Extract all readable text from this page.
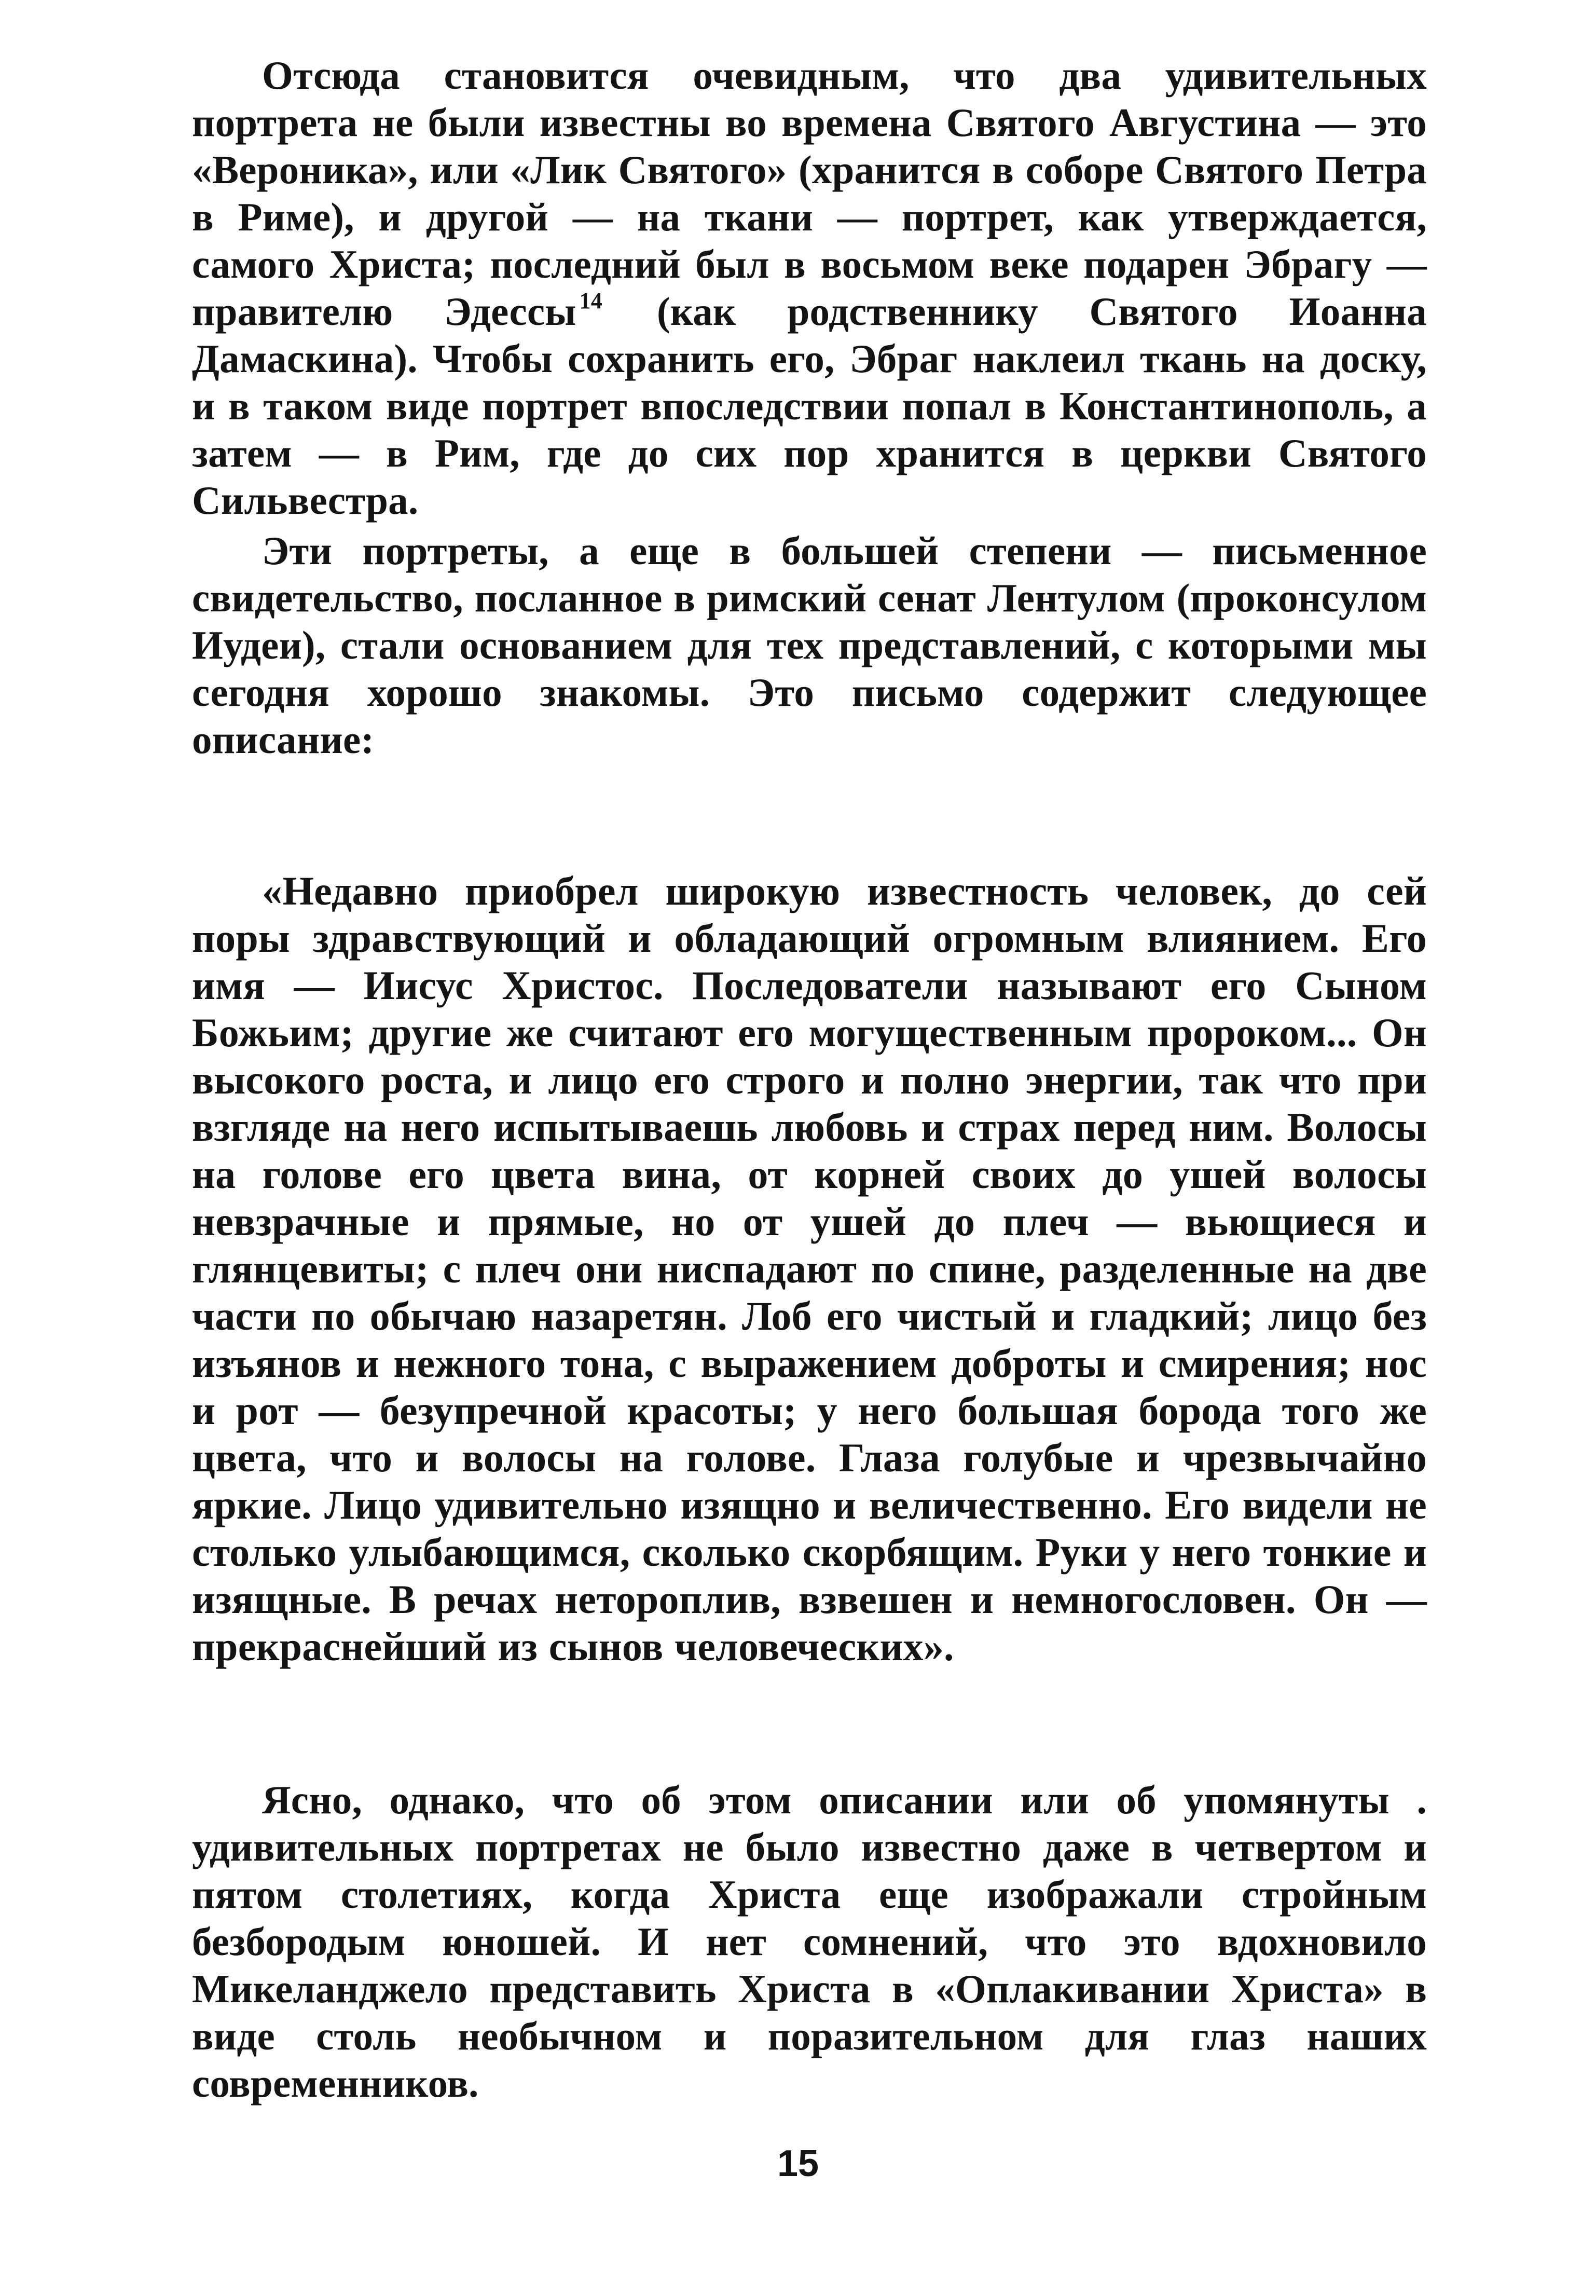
Отсюда становится очевидным, что два удивительных портрета не были известны во времена Святого Августина — это «Вероника», или «Лик Святого» (хранится в соборе Святого Петра в Риме), и другой — на ткани — портрет, как утверждается, самого Христа; последний был в восьмом веке подарен Эбрагу — правителю Эдессы $^{14}$ (как родственнику Святого Иоанна Дамаскина). Чтобы сохранить его, Эбраг наклеил ткань на доску, и в таком виде портрет впоследствии попал в Константинополь, а затем — в Рим, где до сих пор хранится в церкви Святого Сильвестра.

Эти портреты, а еще в большей степени — письменное свидетельство, посланное в римский сенат Лентулом (проконсулом Иудеи), стали основанием для тех представлений, с которыми мы сегодня хорошо знакомы. Это письмо содержит следующее описание:

«Недавно приобрел широкую известность человек, до сей поры здравствующий и обладающий огромным влиянием. Его имя — Иисус Христос. Последователи называют его Сыном Божьим; другие же считают его могущественным пророком... Он высокого роста, и лицо его строго и полно энергии, так что при взгляде на него испытываешь любовь и страх перед ним. Волосы на голове его цвета вина, от корней своих до ушей волосы невзрачные и прямые, но от ушей до плеч — вьющиеся и глянцевиты; с плеч они ниспадают по спине, разделенные на две части по обычаю назаретян. Лоб его чистый и гладкий; лицо без изъянов и нежного тона, с выражением доброты и смирения; нос и рот — безупречной красоты; у него большая борода того же цвета, что и волосы на голове. Глаза голубые и чрезвычайно яркие. Лицо удивительно изящно и величественно. Его видели не столько улыбающимся, сколько скорбящим. Руки у него тонкие и изящные. В речах нетороплив, взвешен и немногословен. Он — прекраснейший из сынов человеческих».

Ясно, однако, что об этом описании или об упомянуты . удивительных портретах не было известно даже в четвертом и пятом столетиях, когда Христа еще изображали стройным безбородым юношей. И нет сомнений, что это вдохновило Микеланджело представить Христа в «Оплакивании Христа» в виде столь необычном и поразительном для глаз наших современников.

15
